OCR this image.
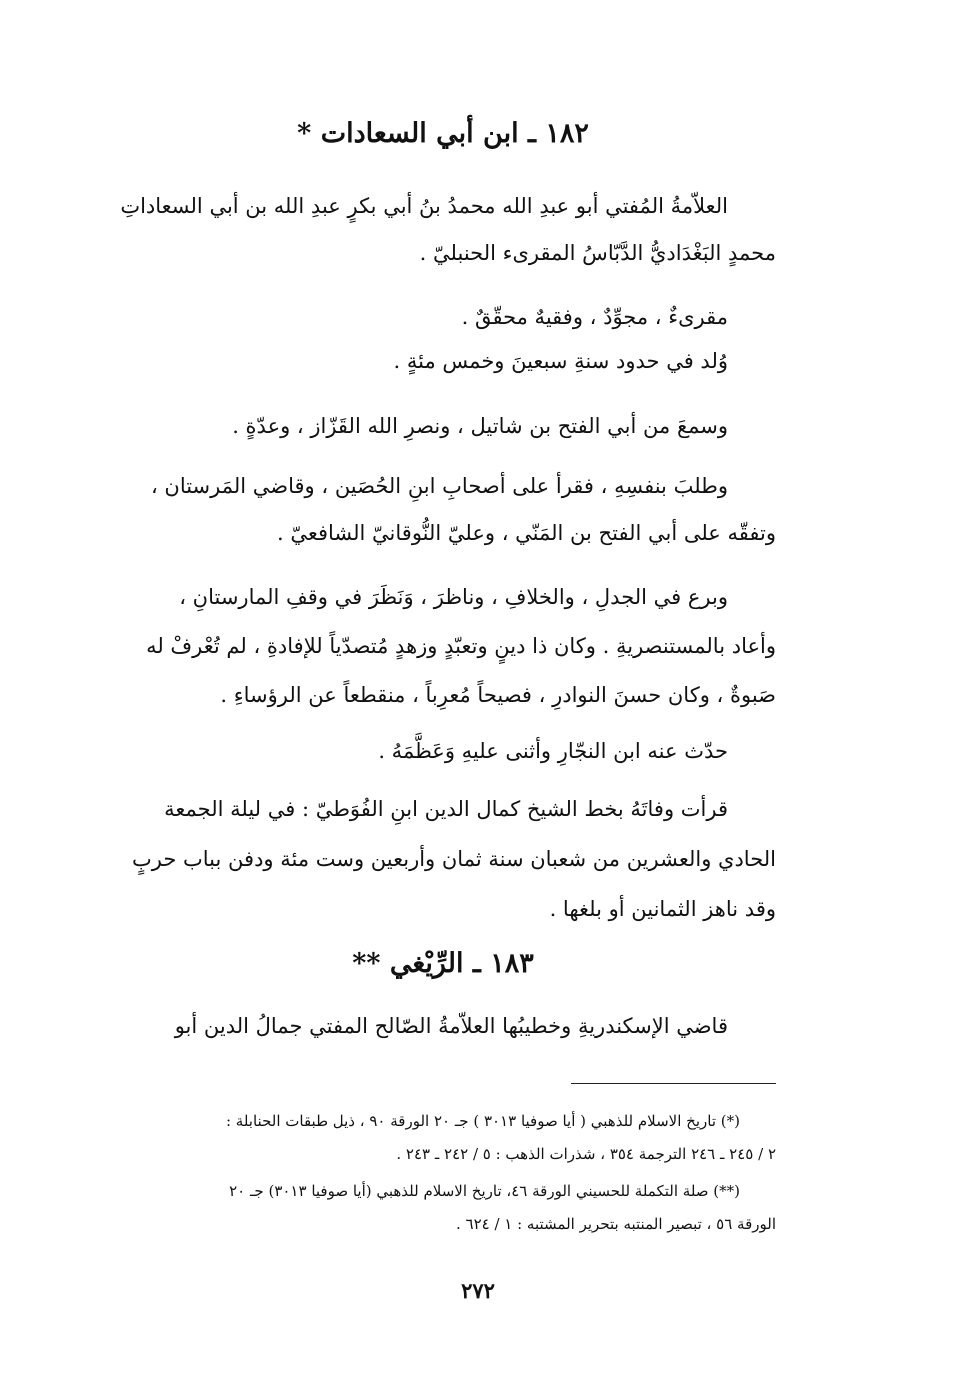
١٨٢ ـ ابن أبي السعادات *
العلاّمةُ المُفتي أبو عبدِ الله محمدُ بنُ أبي بكرٍ عبدِ الله بن أبي السعاداتِ
محمدٍ البَغْدَاديُّ الدَّبّاسُ المقرىء الحنبليّ .
مقرىءٌ ، مجوِّدٌ ، وفقيهٌ محقّقٌ .
وُلد في حدود سنةِ سبعينَ وخمس مئةٍ .
وسمعَ من أبي الفتح بن شاتيل ، ونصرِ الله القَزّاز ، وعدّةٍ .
وطلبَ بنفسِهِ ، فقرأ على أصحابِ ابنِ الحُصَين ، وقاضي المَرستان ،
وتفقّه على أبي الفتح بن المَنّي ، وعليّ النُّوقانيّ الشافعيّ .
وبرع في الجدلِ ، والخلافِ ، وناظرَ ، وَنَظَرَ في وقفِ المارستانِ ،
وأعاد بالمستنصريةِ . وكان ذا دينٍ وتعبّدٍ وزهدٍ مُتصدّياً للإفادةِ ، لم تُعْرفْ له
صَبوةٌ ، وكان حسنَ النوادرِ ، فصيحاً مُعرِباً ، منقطعاً عن الرؤساءِ .
حدّث عنه ابن النجّارِ وأثنى عليهِ وَعَظَّمَهُ .
قرأت وفاتَهُ بخط الشيخ كمال الدين ابنِ الفُوَطيّ : في ليلة الجمعة
الحادي والعشرين من شعبان سنة ثمان وأربعين وست مئة ودفن بباب حربٍ
وقد ناهز الثمانين أو بلغها .
١٨٣ ـ الرِّيْغي **
قاضي الإسكندريةِ وخطيبُها العلاّمةُ الصّالح المفتي جمالُ الدين أبو
(*) تاريخ الاسلام للذهبي ( أيا صوفيا ٣٠١٣ ) جـ ٢٠ الورقة ٩٠ ، ذيل طبقات الحنابلة :
٢ / ٢٤٥ ـ ٢٤٦ الترجمة ٣٥٤ ، شذرات الذهب : ٥ / ٢٤٢ ـ ٢٤٣ .
(**) صلة التكملة للحسيني الورقة ٤٦، تاريخ الاسلام للذهبي (أيا صوفيا ٣٠١٣) جـ ٢٠
الورقة ٥٦ ، تبصير المنتبه بتحرير المشتبه : ١ / ٦٢٤ .
٢٧٢
